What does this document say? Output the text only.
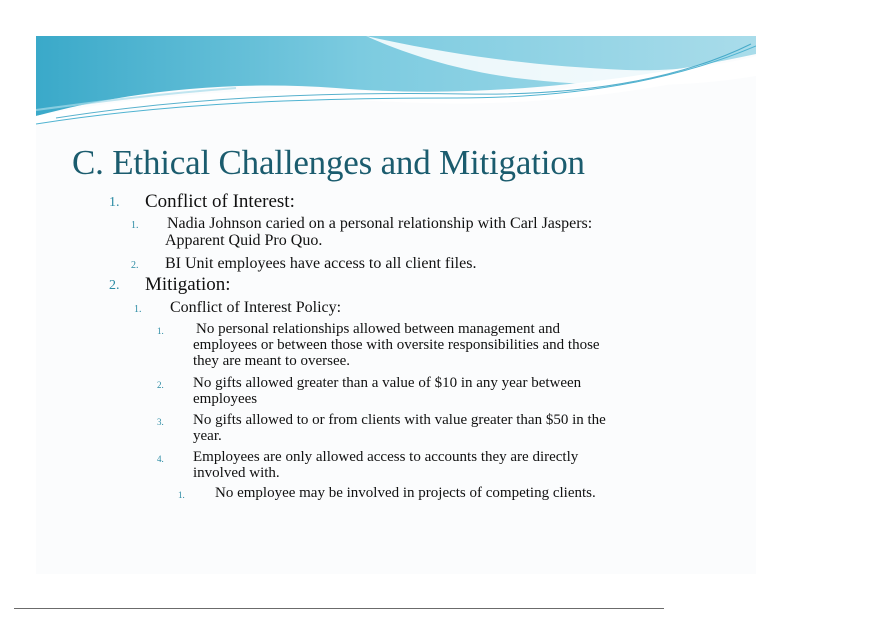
C. Ethical Challenges and Mitigation
1. Conflict of Interest:
1. Nadia Johnson caried on a personal relationship with Carl Jaspers:
Apparent Quid Pro Quo.
2. BI Unit employees have access to all client files.
2. Mitigation:
1. Conflict of Interest Policy:
1. No personal relationships allowed between management and
employees or between those with oversite responsibilities and those
they are meant to oversee.
2. No gifts allowed greater than a value of $10 in any year between
employees
3. No gifts allowed to or from clients with value greater than $50 in the
year.
4. Employees are only allowed access to accounts they are directly
involved with.
1. No employee may be involved in projects of competing clients.
